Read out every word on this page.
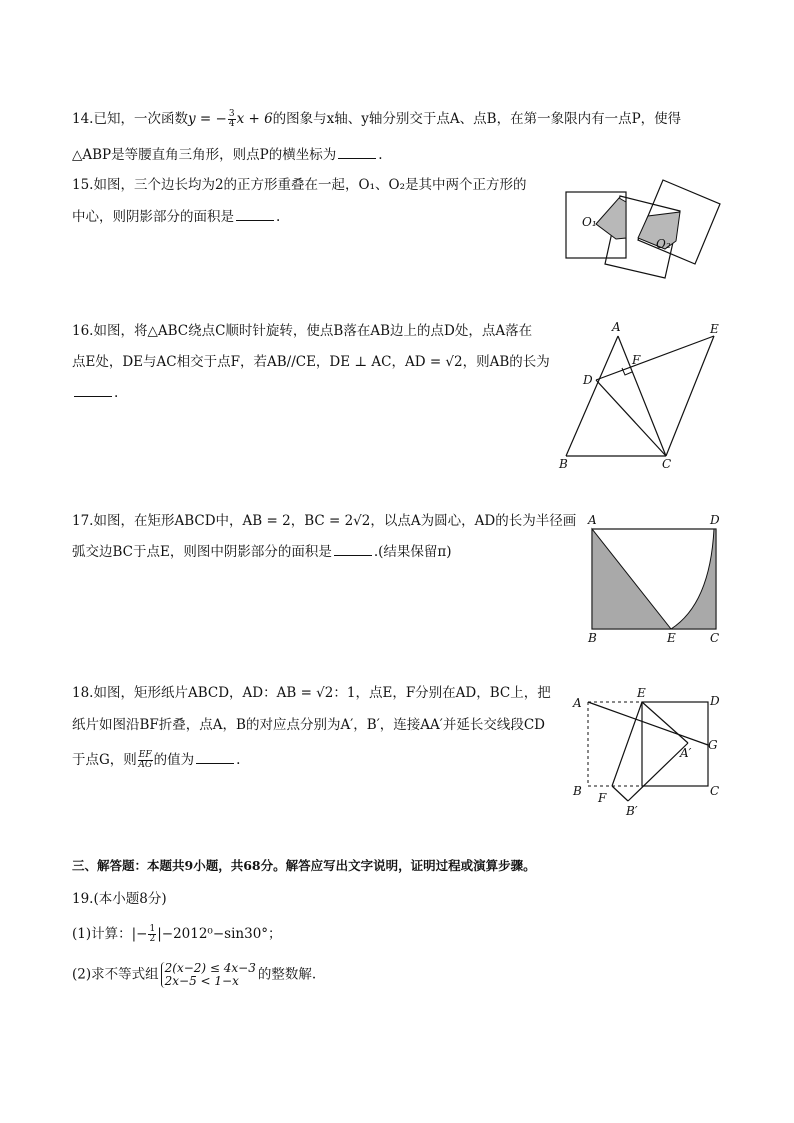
14.已知，一次函数y = − $\frac{3}{4}$ x + 6的图象与x轴、y轴分别交于点A、点B，在第一象限内有一点P，使得
△ABP是等腰直角三角形，则点P的横坐标为	.
15.如图，三个边长均为2的正方形重叠在一起，O₁、O₂是其中两个正方形的
中心，则阴影部分的面积是	.	O₁
O₂
16.如图，将△ABC绕点C顺时针旋转，使点B落在AB边上的点D处，点A落在
点E处，DE与AC相交于点F，若AB//CE，DE ⊥ AC，AD = √2，则AB的长为
.
A	E
F
D
B	C
17.如图，在矩形ABCD中，AB = 2，BC = 2√2，以点A为圆心，AD的长为半径画
弧交边BC于点E，则图中阴影部分的面积是	.(结果保留π)
A	D
B	E	C
18.如图，矩形纸片ABCD，AD：AB = √2：1，点E，F分别在AD，BC上，把
纸片如图沿BF折叠，点A，B的对应点分别为A′，B′，连接AA′并延长交线段CD
于点G，则 $\frac{EF}{AG}$ 的值为	.
A
E
D
G
A′
B F	C
B′
三、解答题：本题共9小题，共68分。解答应写出文字说明，证明过程或演算步骤。
19.(本小题8分)
(1)计算：|− $\frac{1}{2} |-2012^0-\sin 30^\circ$；
(2)求不等式组 2(x−2) ≤ 4x−3
2x−5 < 1−x	的整数解.
